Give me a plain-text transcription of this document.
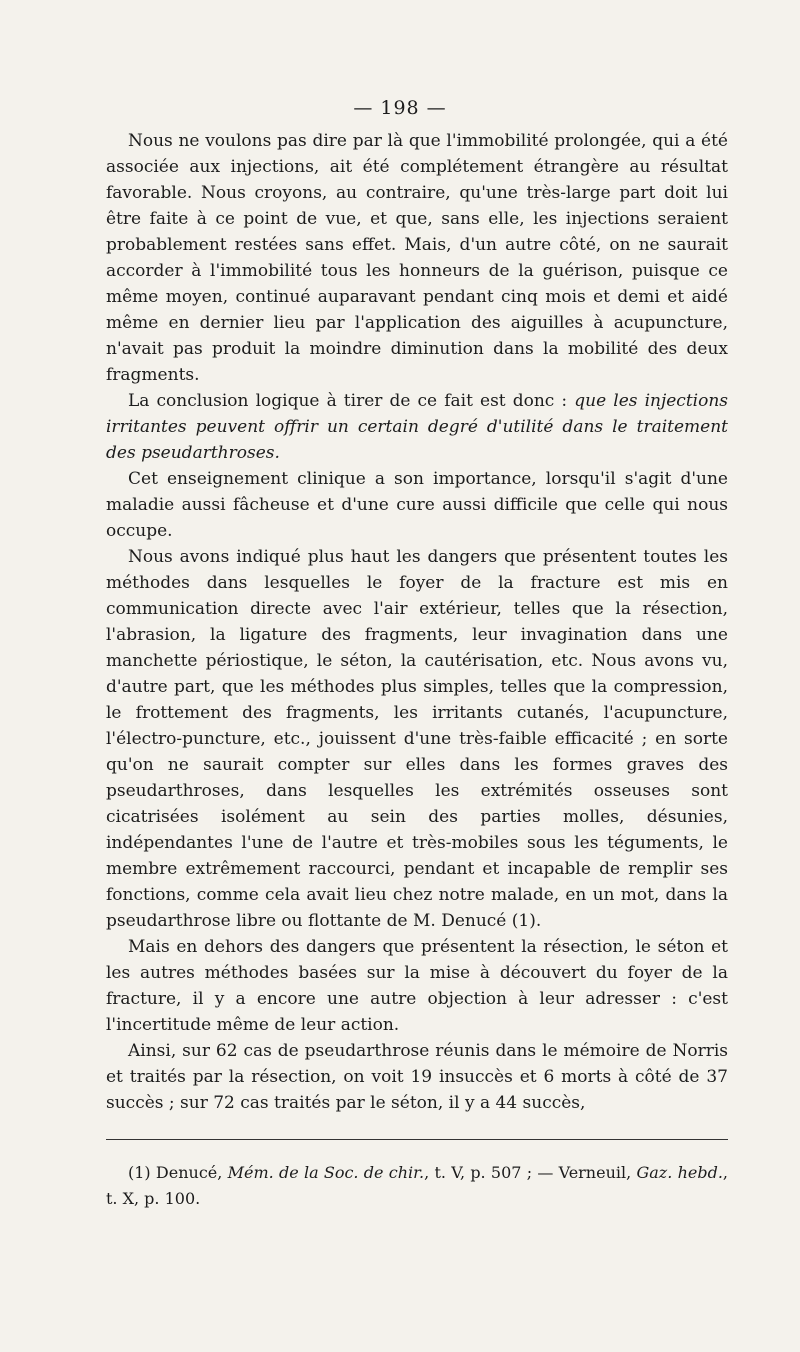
— 198 —

Nous ne voulons pas dire par là que l'immobilité prolongée, qui a été associée aux injections, ait été complétement étrangère au résultat favorable. Nous croyons, au contraire, qu'une très-large part doit lui être faite à ce point de vue, et que, sans elle, les injections seraient probablement restées sans effet. Mais, d'un autre côté, on ne saurait accorder à l'immobilité tous les honneurs de la guérison, puisque ce même moyen, continué auparavant pendant cinq mois et demi et aidé même en dernier lieu par l'application des aiguilles à acupuncture, n'avait pas produit la moindre diminution dans la mobilité des deux fragments.

La conclusion logique à tirer de ce fait est donc : que les injections irritantes peuvent offrir un certain degré d'utilité dans le traitement des pseudarthroses.

Cet enseignement clinique a son importance, lorsqu'il s'agit d'une maladie aussi fâcheuse et d'une cure aussi difficile que celle qui nous occupe.

Nous avons indiqué plus haut les dangers que présentent toutes les méthodes dans lesquelles le foyer de la fracture est mis en communication directe avec l'air extérieur, telles que la résection, l'abrasion, la ligature des fragments, leur invagination dans une manchette périostique, le séton, la cautérisation, etc. Nous avons vu, d'autre part, que les méthodes plus simples, telles que la compression, le frottement des fragments, les irritants cutanés, l'acupuncture, l'électro-puncture, etc., jouissent d'une très-faible efficacité ; en sorte qu'on ne saurait compter sur elles dans les formes graves des pseudarthroses, dans lesquelles les extrémités osseuses sont cicatrisées isolément au sein des parties molles, désunies, indépendantes l'une de l'autre et très-mobiles sous les téguments, le membre extrêmement raccourci, pendant et incapable de remplir ses fonctions, comme cela avait lieu chez notre malade, en un mot, dans la pseudarthrose libre ou flottante de M. Denucé (1).

Mais en dehors des dangers que présentent la résection, le séton et les autres méthodes basées sur la mise à découvert du foyer de la fracture, il y a encore une autre objection à leur adresser : c'est l'incertitude même de leur action.

Ainsi, sur 62 cas de pseudarthrose réunis dans le mémoire de Norris et traités par la résection, on voit 19 insuccès et 6 morts à côté de 37 succès ; sur 72 cas traités par le séton, il y a 44 succès,

(1) Denucé, Mém. de la Soc. de chir., t. V, p. 507 ; — Verneuil, Gaz. hebd., t. X, p. 100.
